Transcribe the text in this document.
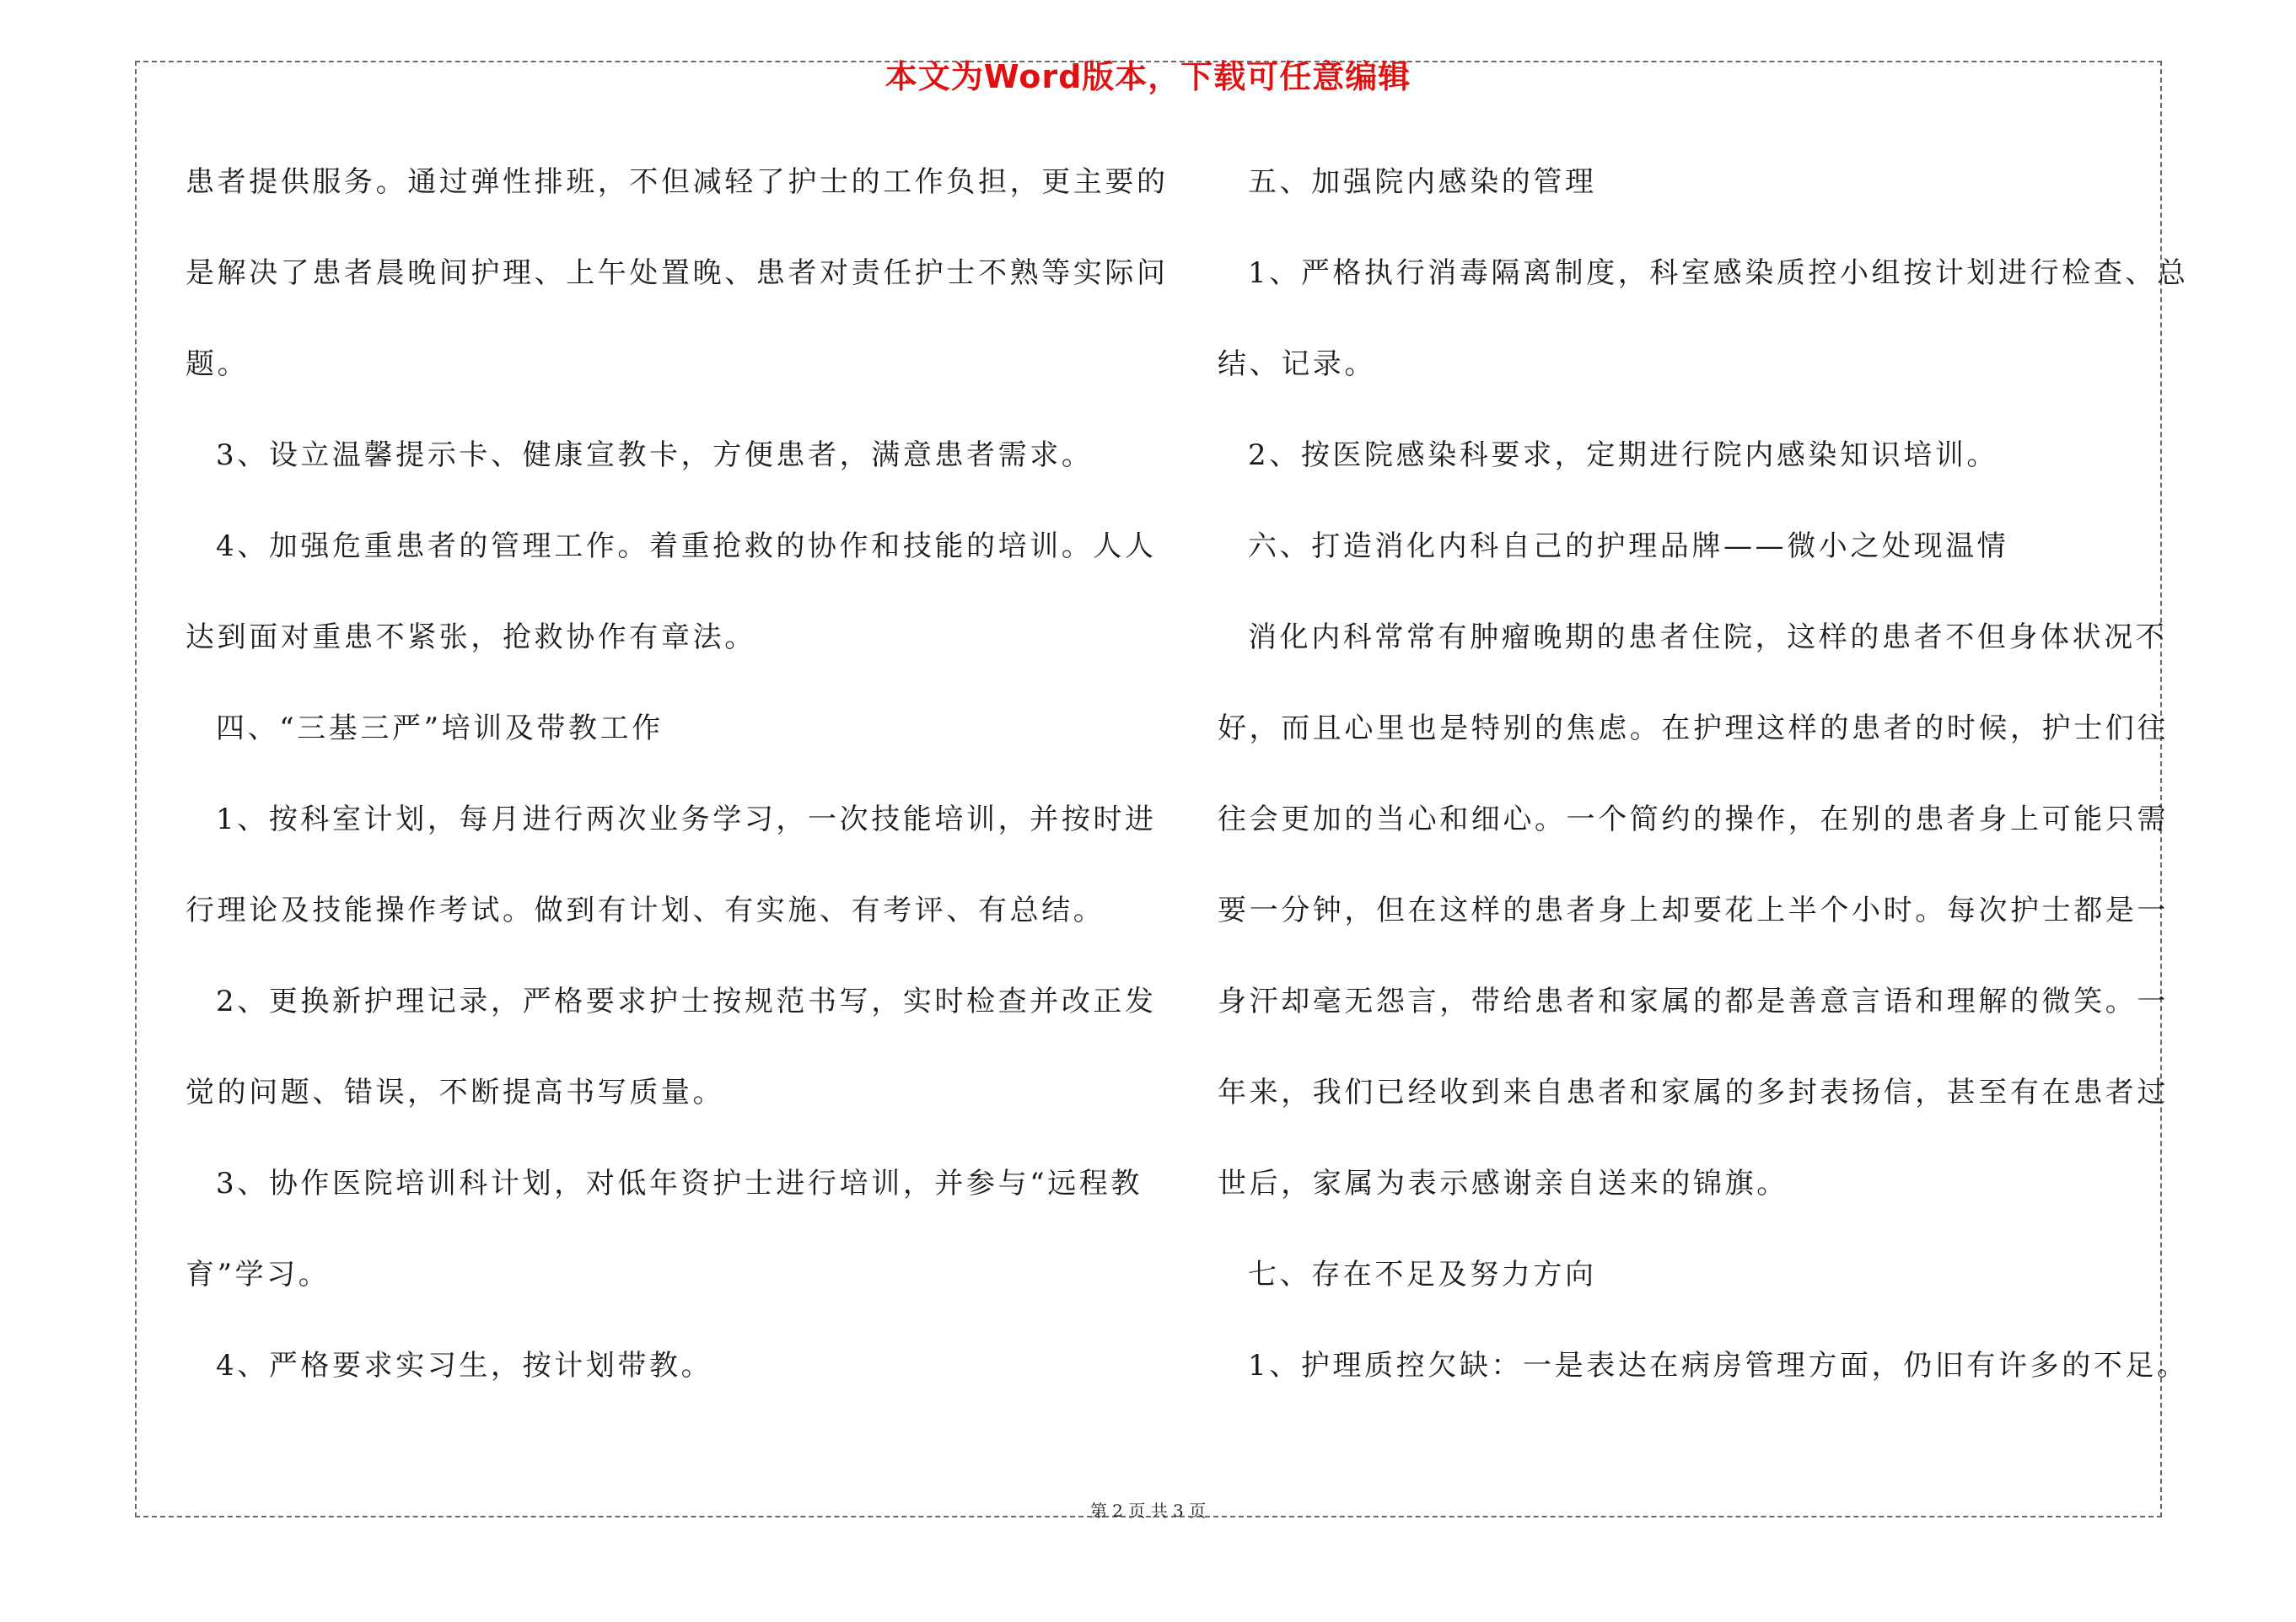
本文为Word版本，下载可任意编辑
患者提供服务。通过弹性排班，不但减轻了护士的工作负担，更主要的
是解决了患者晨晚间护理、上午处置晚、患者对责任护士不熟等实际问
题。
3、设立温馨提示卡、健康宣教卡，方便患者，满意患者需求。
4、加强危重患者的管理工作。着重抢救的协作和技能的培训。人人
达到面对重患不紧张，抢救协作有章法。
四、“三基三严”培训及带教工作
1、按科室计划，每月进行两次业务学习，一次技能培训，并按时进
行理论及技能操作考试。做到有计划、有实施、有考评、有总结。
2、更换新护理记录，严格要求护士按规范书写，实时检查并改正发
觉的问题、错误，不断提高书写质量。
3、协作医院培训科计划，对低年资护士进行培训，并参与“远程教
育”学习。
4、严格要求实习生，按计划带教。
五、加强院内感染的管理
1、严格执行消毒隔离制度，科室感染质控小组按计划进行检查、总
结、记录。
2、按医院感染科要求，定期进行院内感染知识培训。
六、打造消化内科自己的护理品牌——微小之处现温情
消化内科常常有肿瘤晚期的患者住院，这样的患者不但身体状况不
好，而且心里也是特别的焦虑。在护理这样的患者的时候，护士们往
往会更加的当心和细心。一个简约的操作，在别的患者身上可能只需
要一分钟，但在这样的患者身上却要花上半个小时。每次护士都是一
身汗却毫无怨言，带给患者和家属的都是善意言语和理解的微笑。一
年来，我们已经收到来自患者和家属的多封表扬信，甚至有在患者过
世后，家属为表示感谢亲自送来的锦旗。
七、存在不足及努力方向
1、护理质控欠缺：一是表达在病房管理方面，仍旧有许多的不足。
第 2 页 共 3 页
